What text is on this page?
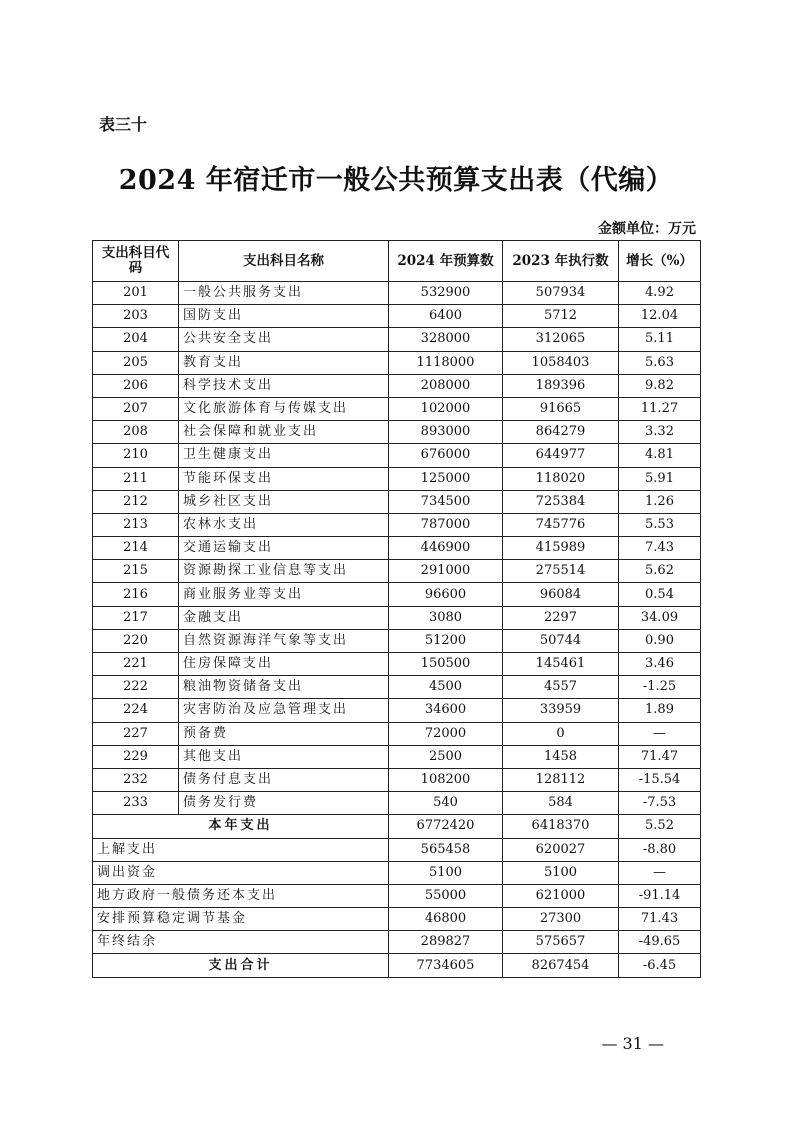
表三十
2024 年宿迁市一般公共预算支出表（代编）
金额单位：万元
支出科目代码	支出科目名称	2024 年预算数	2023 年执行数	增长（%）
201	一般公共服务支出	532900	507934	4.92
203	国防支出	6400	5712	12.04
204	公共安全支出	328000	312065	5.11
205	教育支出	1118000	1058403	5.63
206	科学技术支出	208000	189396	9.82
207	文化旅游体育与传媒支出	102000	91665	11.27
208	社会保障和就业支出	893000	864279	3.32
210	卫生健康支出	676000	644977	4.81
211	节能环保支出	125000	118020	5.91
212	城乡社区支出	734500	725384	1.26
213	农林水支出	787000	745776	5.53
214	交通运输支出	446900	415989	7.43
215	资源勘探工业信息等支出	291000	275514	5.62
216	商业服务业等支出	96600	96084	0.54
217	金融支出	3080	2297	34.09
220	自然资源海洋气象等支出	51200	50744	0.90
221	住房保障支出	150500	145461	3.46
222	粮油物资储备支出	4500	4557	-1.25
224	灾害防治及应急管理支出	34600	33959	1.89
227	预备费	72000	0	—
229	其他支出	2500	1458	71.47
232	债务付息支出	108200	128112	-15.54
233	债务发行费	540	584	-7.53
本年支出		6772420	6418370	5.52
上解支出		565458	620027	-8.80
调出资金		5100	5100	—
地方政府一般债务还本支出		55000	621000	-91.14
安排预算稳定调节基金		46800	27300	71.43
年终结余		289827	575657	-49.65
支出合计		7734605	8267454	-6.45
— 31 —
